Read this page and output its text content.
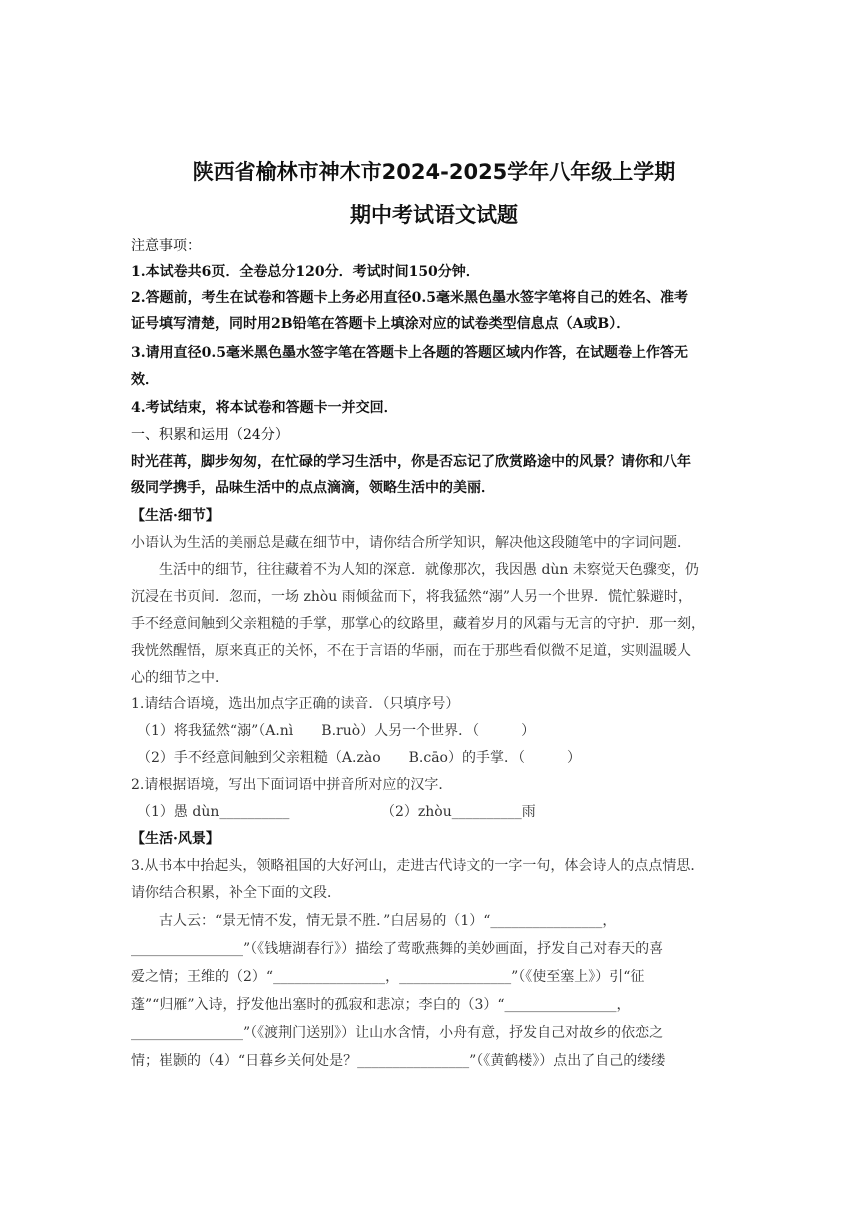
陕西省榆林市神木市2024-2025学年八年级上学期
期中考试语文试题
注意事项：
1.本试卷共6页．全卷总分120分．考试时间150分钟．
2.答题前，考生在试卷和答题卡上务必用直径0.5毫米黑色墨水签字笔将自己的姓名、准考
证号填写清楚，同时用2B铅笔在答题卡上填涂对应的试卷类型信息点（A或B）．
3.请用直径0.5毫米黑色墨水签字笔在答题卡上各题的答题区域内作答，在试题卷上作答无
效．
4.考试结束，将本试卷和答题卡一并交回．
一、积累和运用（24分）
时光荏苒，脚步匆匆，在忙碌的学习生活中，你是否忘记了欣赏路途中的风景？请你和八年
级同学携手，品味生活中的点点滴滴，领略生活中的美丽．
【生活·细节】
小语认为生活的美丽总是藏在细节中，请你结合所学知识，解决他这段随笔中的字词问题．
生活中的细节，往往藏着不为人知的深意．就像那次，我因愚 dùn 未察觉天色骤变，仍
沉浸在书页间．忽而，一场 zhòu 雨倾盆而下，将我猛然“溺”人另一个世界．慌忙躲避时，
手不经意间触到父亲粗糙的手掌，那掌心的纹路里，藏着岁月的风霜与无言的守护．那一刻，
我恍然醒悟，原来真正的关怀，不在于言语的华丽，而在于那些看似微不足道，实则温暖人
心的细节之中．
1.请结合语境，选出加点字正确的读音．（只填序号）
（1）将我猛然“溺”（A.nì　　B.ruò）人另一个世界．（　　　）
（2）手不经意间触到父亲粗糙（A.zào　　B.cāo）的手掌．（　　　）
2.请根据语境，写出下面词语中拼音所对应的汉字．
（1）愚 dùn__________	（2）zhòu__________雨
【生活·风景】
3.从书本中抬起头，领略祖国的大好河山，走进古代诗文的一字一句，体会诗人的点点情思．
请你结合积累，补全下面的文段．
古人云：“景无情不发，情无景不胜．”白居易的（1）“________________，
________________”（《钱塘湖春行》）描绘了莺歌燕舞的美妙画面，抒发自己对春天的喜
爱之情；王维的（2）“________________，________________”（《使至塞上》）引“征
蓬”“归雁”入诗，抒发他出塞时的孤寂和悲凉；李白的（3）“________________，
________________”（《渡荆门送别》）让山水含情，小舟有意，抒发自己对故乡的依恋之
情；崔颢的（4）“日暮乡关何处是？________________”（《黄鹤楼》）点出了自己的缕缕
